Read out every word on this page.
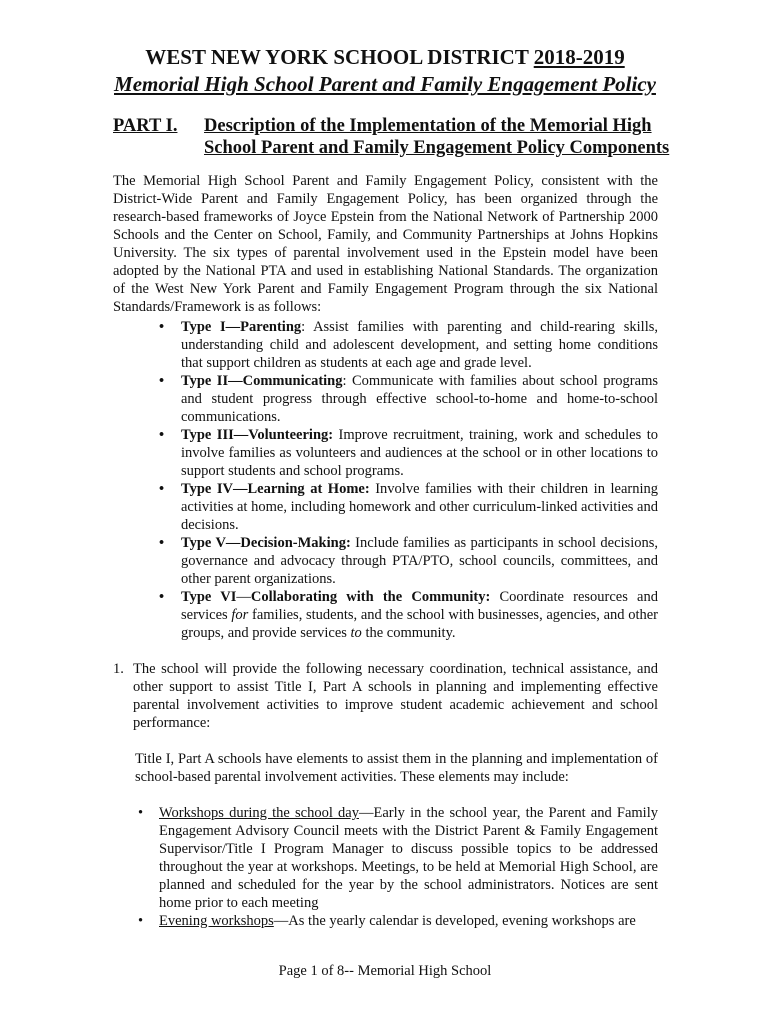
WEST NEW YORK SCHOOL DISTRICT 2018-2019
Memorial High School Parent and Family Engagement Policy
PART I. Description of the Implementation of the Memorial High School Parent and Family Engagement Policy Components

The Memorial High School Parent and Family Engagement Policy, consistent with the District-Wide Parent and Family Engagement Policy, has been organized through the research-based frameworks of Joyce Epstein from the National Network of Partnership 2000 Schools and the Center on School, Family, and Community Partnerships at Johns Hopkins University. The six types of parental involvement used in the Epstein model have been adopted by the National PTA and used in establishing National Standards. The organization of the West New York Parent and Family Engagement Program through the six National Standards/Framework is as follows:

• Type I—Parenting: Assist families with parenting and child-rearing skills, understanding child and adolescent development, and setting home conditions that support children as students at each age and grade level.
• Type II—Communicating: Communicate with families about school programs and student progress through effective school-to-home and home-to-school communications.
• Type III—Volunteering: Improve recruitment, training, work and schedules to involve families as volunteers and audiences at the school or in other locations to support students and school programs.
• Type IV—Learning at Home: Involve families with their children in learning activities at home, including homework and other curriculum-linked activities and decisions.
• Type V—Decision-Making: Include families as participants in school decisions, governance and advocacy through PTA/PTO, school councils, committees, and other parent organizations.
• Type VI—Collaborating with the Community: Coordinate resources and services for families, students, and the school with businesses, agencies, and other groups, and provide services to the community.
1. The school will provide the following necessary coordination, technical assistance, and other support to assist Title I, Part A schools in planning and implementing effective parental involvement activities to improve student academic achievement and school performance:

Title I, Part A schools have elements to assist them in the planning and implementation of school-based parental involvement activities. These elements may include:

• Workshops during the school day—Early in the school year, the Parent and Family Engagement Advisory Council meets with the District Parent & Family Engagement Supervisor/Title I Program Manager to discuss possible topics to be addressed throughout the year at workshops. Meetings, to be held at Memorial High School, are planned and scheduled for the year by the school administrators. Notices are sent home prior to each meeting
• Evening workshops—As the yearly calendar is developed, evening workshops are
Page 1 of 8-- Memorial High School
